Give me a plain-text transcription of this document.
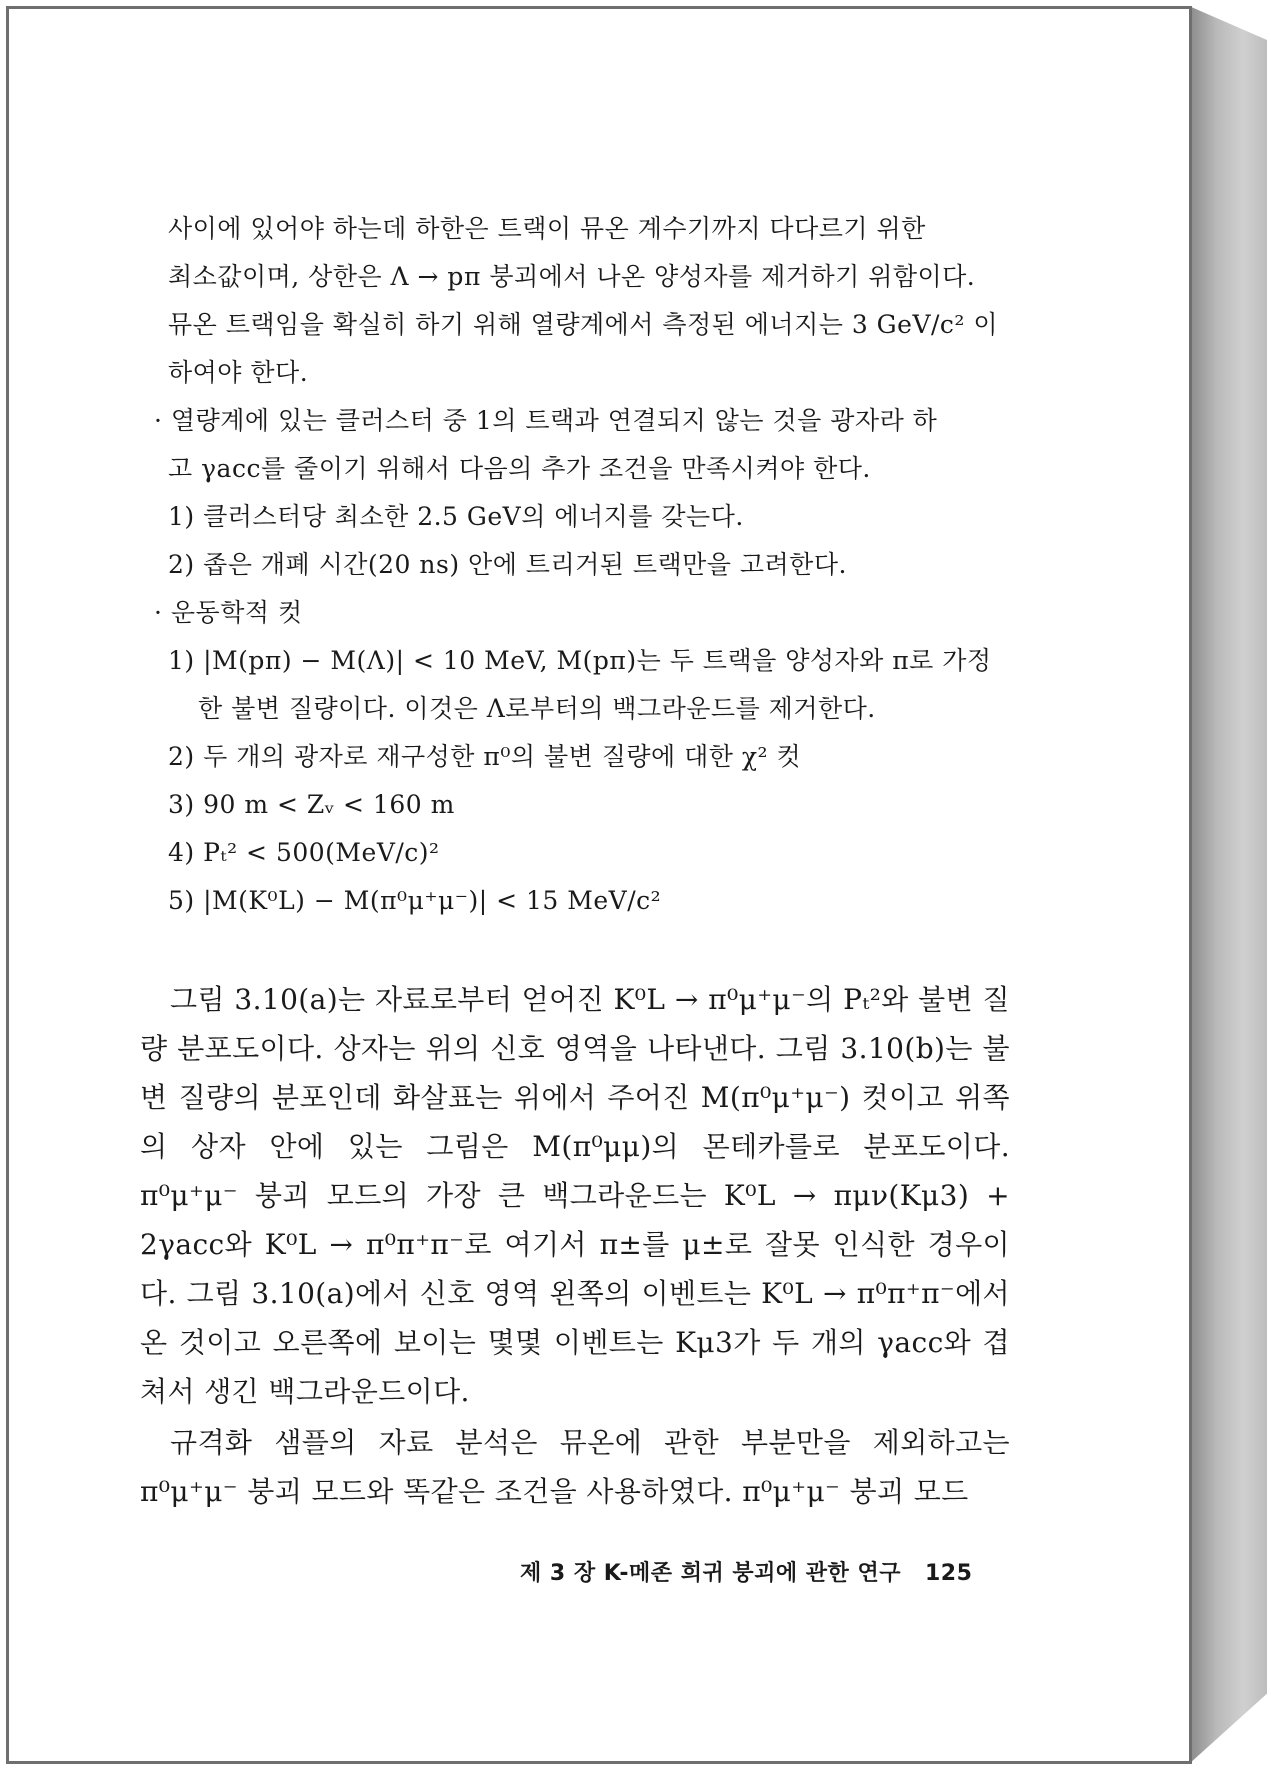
사이에 있어야 하는데 하한은 트랙이 뮤온 계수기까지 다다르기 위한
최소값이며, 상한은 Λ → pπ 붕괴에서 나온 양성자를 제거하기 위함이다.
뮤온 트랙임을 확실히 하기 위해 열량계에서 측정된 에너지는 3 GeV/c² 이
하여야 한다.
· 열량계에 있는 클러스터 중 1의 트랙과 연결되지 않는 것을 광자라 하
고 γacc를 줄이기 위해서 다음의 추가 조건을 만족시켜야 한다.
1) 클러스터당 최소한 2.5 GeV의 에너지를 갖는다.
2) 좁은 개폐 시간(20 ns) 안에 트리거된 트랙만을 고려한다.
· 운동학적 컷
1) |M(pπ) − M(Λ)| < 10 MeV, M(pπ)는 두 트랙을 양성자와 π로 가정
한 불변 질량이다. 이것은 Λ로부터의 백그라운드를 제거한다.
2) 두 개의 광자로 재구성한 π⁰의 불변 질량에 대한 χ² 컷
3) 90 m < Zᵥ < 160 m
4) Pₜ² < 500(MeV/c)²
5) |M(K⁰L) − M(π⁰μ⁺μ⁻)| < 15 MeV/c²
그림 3.10(a)는 자료로부터 얻어진 K⁰L → π⁰μ⁺μ⁻의 Pₜ²와 불변 질량 분포도이다. 상자는 위의 신호 영역을 나타낸다. 그림 3.10(b)는 불변 질량의 분포인데 화살표는 위에서 주어진 M(π⁰μ⁺μ⁻) 컷이고 위쪽의 상자 안에 있는 그림은 M(π⁰μμ)의 몬테카를로 분포도이다. π⁰μ⁺μ⁻ 붕괴 모드의 가장 큰 백그라운드는 K⁰L → πμν(Kμ3) + 2γacc와 K⁰L → π⁰π⁺π⁻로 여기서 π±를 μ±로 잘못 인식한 경우이다. 그림 3.10(a)에서 신호 영역 왼쪽의 이벤트는 K⁰L → π⁰π⁺π⁻에서 온 것이고 오른쪽에 보이는 몇몇 이벤트는 Kμ3가 두 개의 γacc와 겹쳐서 생긴 백그라운드이다.
규격화 샘플의 자료 분석은 뮤온에 관한 부분만을 제외하고는 π⁰μ⁺μ⁻ 붕괴 모드와 똑같은 조건을 사용하였다. π⁰μ⁺μ⁻ 붕괴 모드
제 3 장 K-메존 희귀 붕괴에 관한 연구 125
